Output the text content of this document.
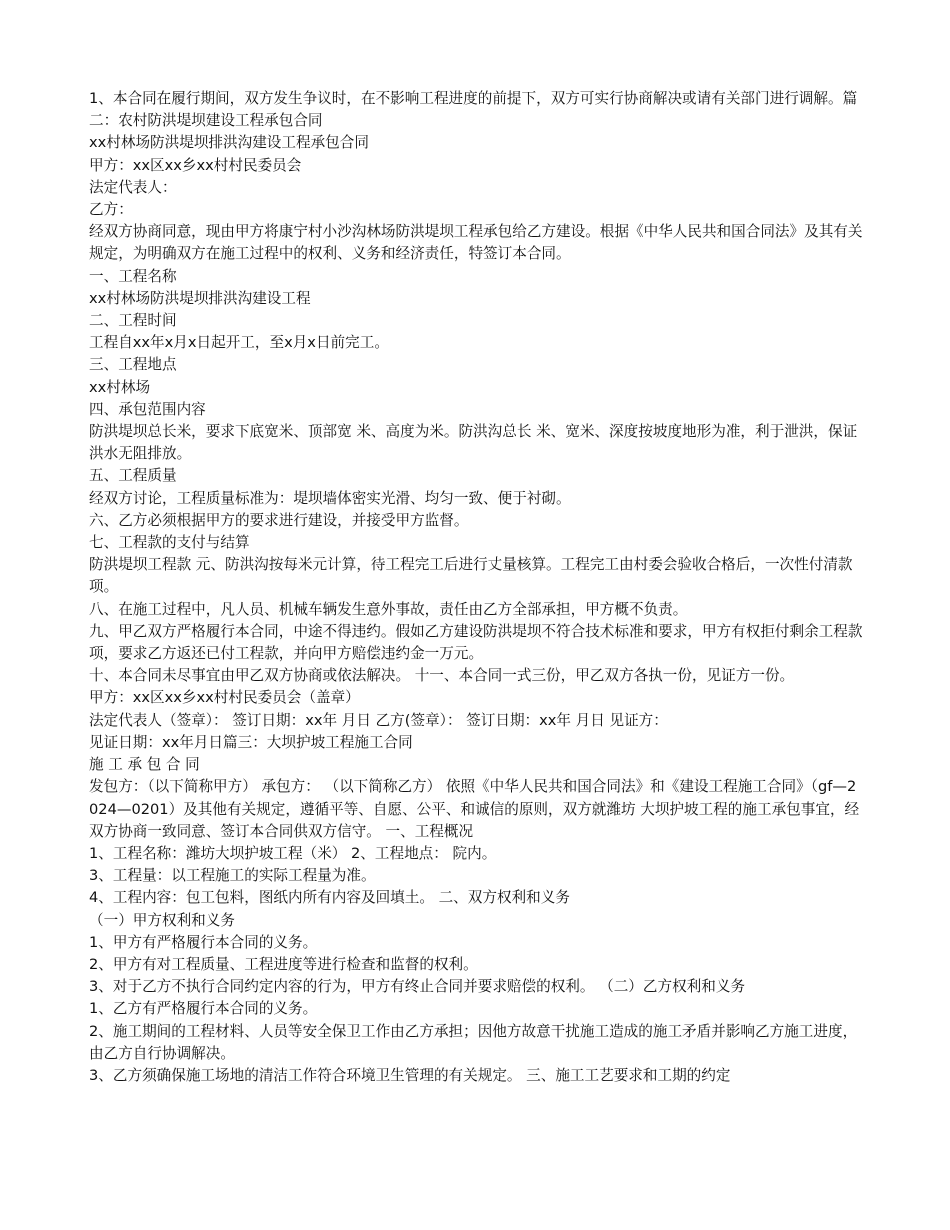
1、本合同在履行期间，双方发生争议时，在不影响工程进度的前提下，双方可实行协商解决或请有关部门进行调解。篇二：农村防洪堤坝建设工程承包合同

xx村林场防洪堤坝排洪沟建设工程承包合同

甲方：xx区xx乡xx村村民委员会

法定代表人：

乙方：

经双方协商同意，现由甲方将康宁村小沙沟林场防洪堤坝工程承包给乙方建设。根据《中华人民共和国合同法》及其有关规定，为明确双方在施工过程中的权利、义务和经济责任，特签订本合同。

一、工程名称

xx村林场防洪堤坝排洪沟建设工程

二、工程时间

工程自xx年x月x日起开工，至x月x日前完工。

三、工程地点

xx村林场

四、承包范围内容

防洪堤坝总长米，要求下底宽米、顶部宽 米、高度为米。防洪沟总长 米、宽米、深度按坡度地形为准，利于泄洪，保证洪水无阻排放。

五、工程质量

经双方讨论，工程质量标准为：堤坝墙体密实光滑、均匀一致、便于衬砌。

六、乙方必须根据甲方的要求进行建设，并接受甲方监督。

七、工程款的支付与结算

防洪堤坝工程款 元、防洪沟按每米元计算，待工程完工后进行丈量核算。工程完工由村委会验收合格后，一次性付清款项。

八、在施工过程中，凡人员、机械车辆发生意外事故，责任由乙方全部承担，甲方概不负责。

九、甲乙双方严格履行本合同，中途不得违约。假如乙方建设防洪堤坝不符合技术标准和要求，甲方有权拒付剩余工程款项，要求乙方返还已付工程款，并向甲方赔偿违约金一万元。

十、本合同未尽事宜由甲乙双方协商或依法解决。 十一、本合同一式三份，甲乙双方各执一份，见证方一份。

甲方：xx区xx乡xx村村民委员会（盖章）

法定代表人（签章）： 签订日期：xx年 月日 乙方(签章）： 签订日期：xx年 月日 见证方：

见证日期：xx年月日篇三：大坝护坡工程施工合同

施 工 承 包 合 同

发包方：（以下简称甲方） 承包方： （以下简称乙方） 依照《中华人民共和国合同法》和《建设工程施工合同》（gf—2024—0201）及其他有关规定，遵循平等、自愿、公平、和诚信的原则，双方就潍坊 大坝护坡工程的施工承包事宜，经双方协商一致同意、签订本合同供双方信守。 一、工程概况

1、工程名称：潍坊大坝护坡工程（米） 2、工程地点： 院内。

3、工程量：以工程施工的实际工程量为准。

4、工程内容：包工包料，图纸内所有内容及回填土。 二、双方权利和义务

（一）甲方权利和义务

1、甲方有严格履行本合同的义务。

2、甲方有对工程质量、工程进度等进行检查和监督的权利。

3、对于乙方不执行合同约定内容的行为，甲方有终止合同并要求赔偿的权利。 （二）乙方权利和义务

1、乙方有严格履行本合同的义务。

2、施工期间的工程材料、人员等安全保卫工作由乙方承担；因他方故意干扰施工造成的施工矛盾并影响乙方施工进度，由乙方自行协调解决。

3、乙方须确保施工场地的清洁工作符合环境卫生管理的有关规定。 三、施工工艺要求和工期的约定
